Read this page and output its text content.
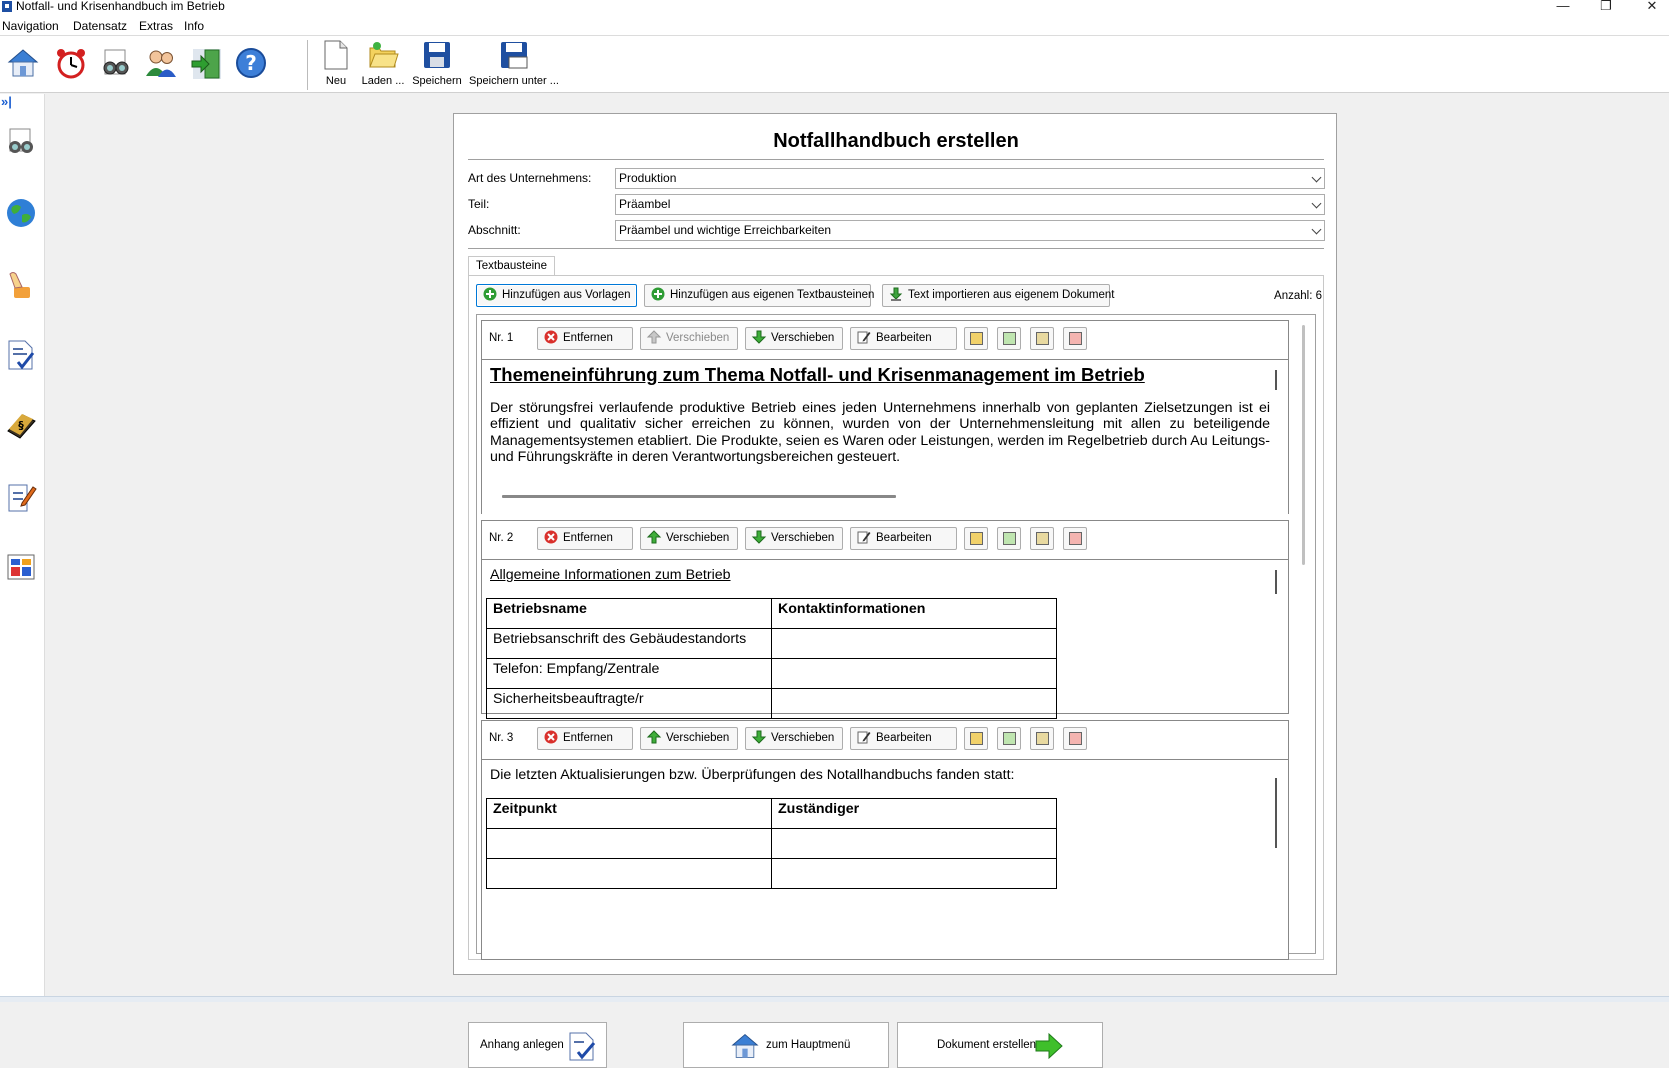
Notfall- und Krisenhandbuch im Betrieb	—	❐	✕
Navigation Datensatz Extras Info
?
Neu	Laden ... Speichern Speichern unter ...
»|
§
Notfallhandbuch erstellen
Art des Unternehmens:	Produktion
Teil:	Präambel
Abschnitt:	Präambel und wichtige Erreichbarkeiten
Textbausteine
Hinzufügen aus Vorlagen	Hinzufügen aus eigenen Textbausteinen	Text importieren aus eigenem Dokument	Anzahl: 6
Nr. 1	Entfernen	Verschieben	Verschieben	Bearbeiten
Themeneinführung zum Thema Notfall- und Krisenmanagement im Betrieb
Der störungsfrei verlaufende produktive Betrieb eines jeden Unternehmens innerhalb von geplanten Zielsetzungen ist ei effizient und qualitativ sicher erreichen zu können, wurden von der Unternehmensleitung mit allen zu beteiligende Managementsystemen etabliert. Die Produkte, seien es Waren oder Leistungen, werden im Regelbetrieb durch Au Leitungs- und Führungskräfte in deren Verantwortungsbereichen gesteuert.
Nr. 2	Entfernen	Verschieben	Verschieben	Bearbeiten
Allgemeine Informationen zum Betrieb
Betriebsname	Kontaktinformationen
Betriebsanschrift des Gebäudestandorts	
Telefon: Empfang/Zentrale	
Sicherheitsbeauftragte/r	
Nr. 3	Entfernen	Verschieben	Verschieben	Bearbeiten
Die letzten Aktualisierungen bzw. Überprüfungen des Notallhandbuchs fanden statt:
Zeitpunkt	Zuständiger

Anhang anlegen	zum Hauptmenü	Dokument erstellen
